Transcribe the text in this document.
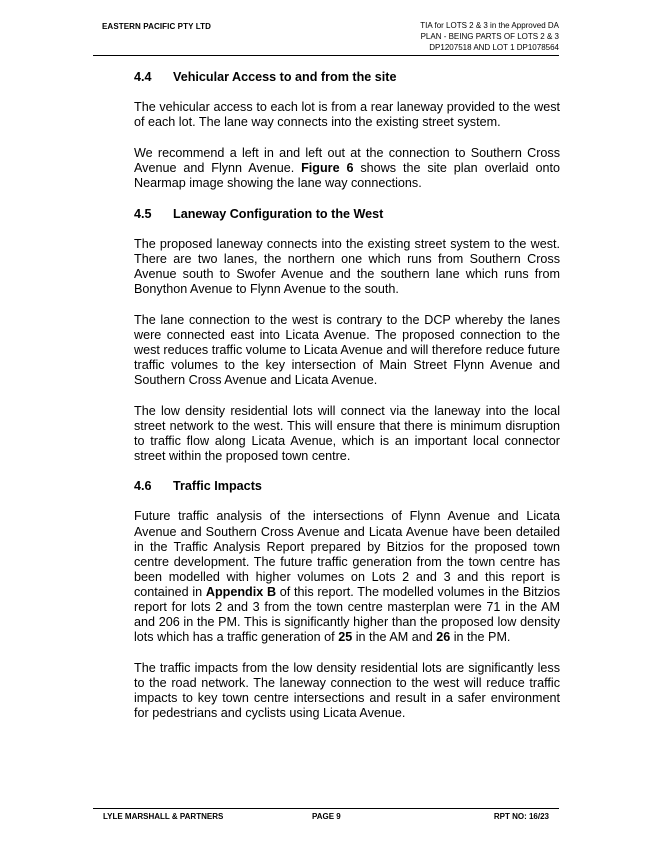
EASTERN PACIFIC PTY LTD	TIA for LOTS 2 & 3 in the Approved DA
PLAN - BEING PARTS OF LOTS 2 & 3
DP1207518 AND LOT 1 DP1078564
4.4	Vehicular Access to and from the site

The vehicular access to each lot is from a rear laneway provided to the west of each lot. The lane way connects into the existing street system.

We recommend a left in and left out at the connection to Southern Cross Avenue and Flynn Avenue. Figure 6 shows the site plan overlaid onto Nearmap image showing the lane way connections.

4.5	Laneway Configuration to the West

The proposed laneway connects into the existing street system to the west. There are two lanes, the northern one which runs from Southern Cross Avenue south to Swofer Avenue and the southern lane which runs from Bonython Avenue to Flynn Avenue to the south.

The lane connection to the west is contrary to the DCP whereby the lanes were connected east into Licata Avenue. The proposed connection to the west reduces traffic volume to Licata Avenue and will therefore reduce future traffic volumes to the key intersection of Main Street Flynn Avenue and Southern Cross Avenue and Licata Avenue.

The low density residential lots will connect via the laneway into the local street network to the west. This will ensure that there is minimum disruption to traffic flow along Licata Avenue, which is an important local connector street within the proposed town centre.

4.6	Traffic Impacts

Future traffic analysis of the intersections of Flynn Avenue and Licata Avenue and Southern Cross Avenue and Licata Avenue have been detailed in the Traffic Analysis Report prepared by Bitzios for the proposed town centre development. The future traffic generation from the town centre has been modelled with higher volumes on Lots 2 and 3 and this report is contained in Appendix B of this report. The modelled volumes in the Bitzios report for lots 2 and 3 from the town centre masterplan were 71 in the AM and 206 in the PM. This is significantly higher than the proposed low density lots which has a traffic generation of 25 in the AM and 26 in the PM.

The traffic impacts from the low density residential lots are significantly less to the road network. The laneway connection to the west will reduce traffic impacts to key town centre intersections and result in a safer environment for pedestrians and cyclists using Licata Avenue.

LYLE MARSHALL & PARTNERS	PAGE 9	RPT NO: 16/23
